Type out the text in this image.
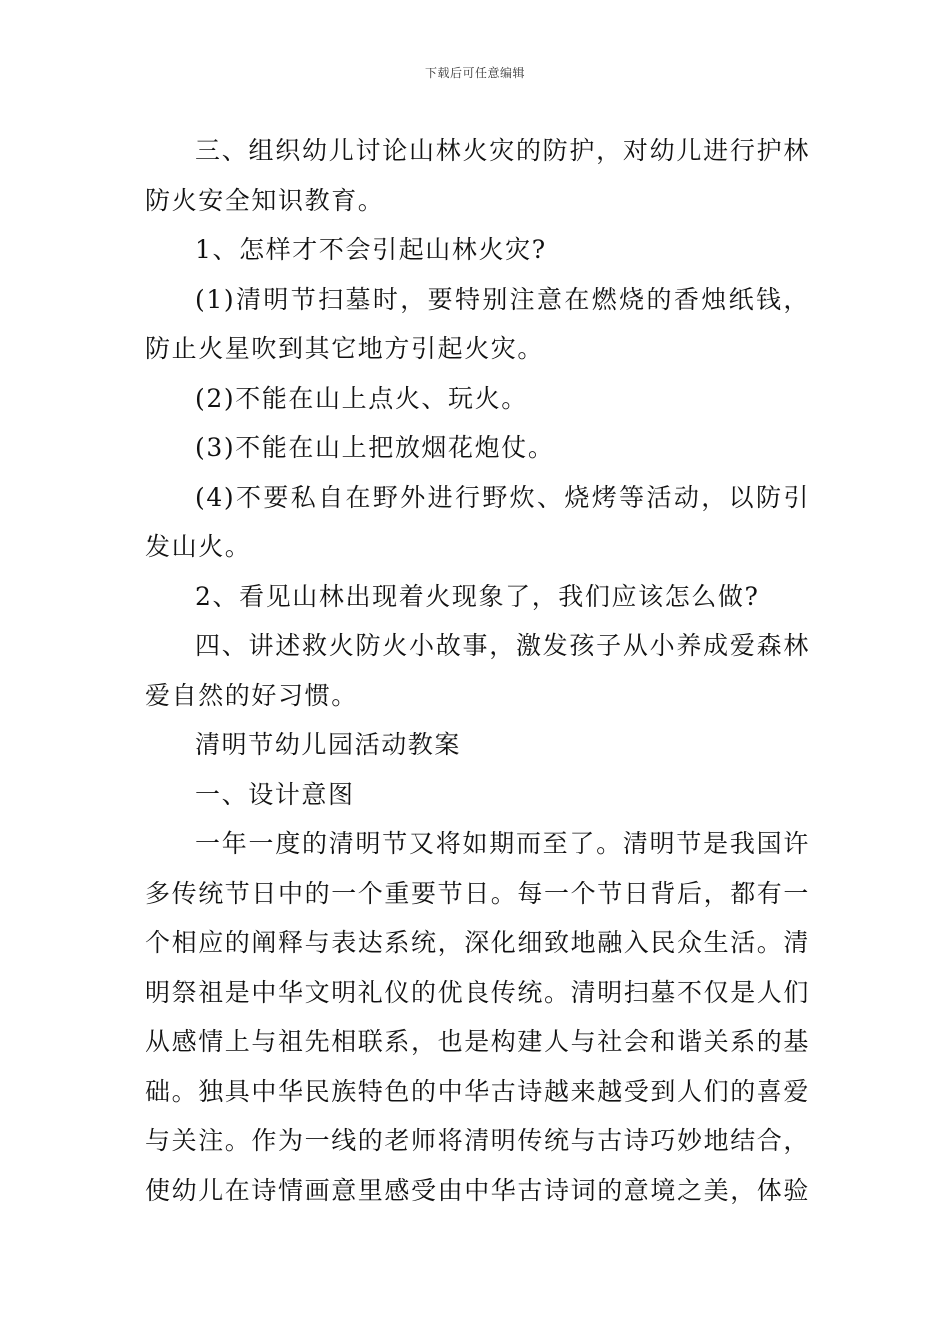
下载后可任意编辑

三、组织幼儿讨论山林火灾的防护，对幼儿进行护林防火安全知识教育。

1、怎样才不会引起山林火灾?

(1)清明节扫墓时，要特别注意在燃烧的香烛纸钱，防止火星吹到其它地方引起火灾。

(2)不能在山上点火、玩火。

(3)不能在山上把放烟花炮仗。

(4)不要私自在野外进行野炊、烧烤等活动，以防引发山火。

2、看见山林出现着火现象了，我们应该怎么做?

四、讲述救火防火小故事，激发孩子从小养成爱森林爱自然的好习惯。

清明节幼儿园活动教案

一、设计意图

一年一度的清明节又将如期而至了。清明节是我国许多传统节日中的一个重要节日。每一个节日背后，都有一个相应的阐释与表达系统，深化细致地融入民众生活。清明祭祖是中华文明礼仪的优良传统。清明扫墓不仅是人们从感情上与祖先相联系，也是构建人与社会和谐关系的基础。独具中华民族特色的中华古诗越来越受到人们的喜爱与关注。作为一线的老师将清明传统与古诗巧妙地结合，使幼儿在诗情画意里感受由中华古诗词的意境之美，体验
